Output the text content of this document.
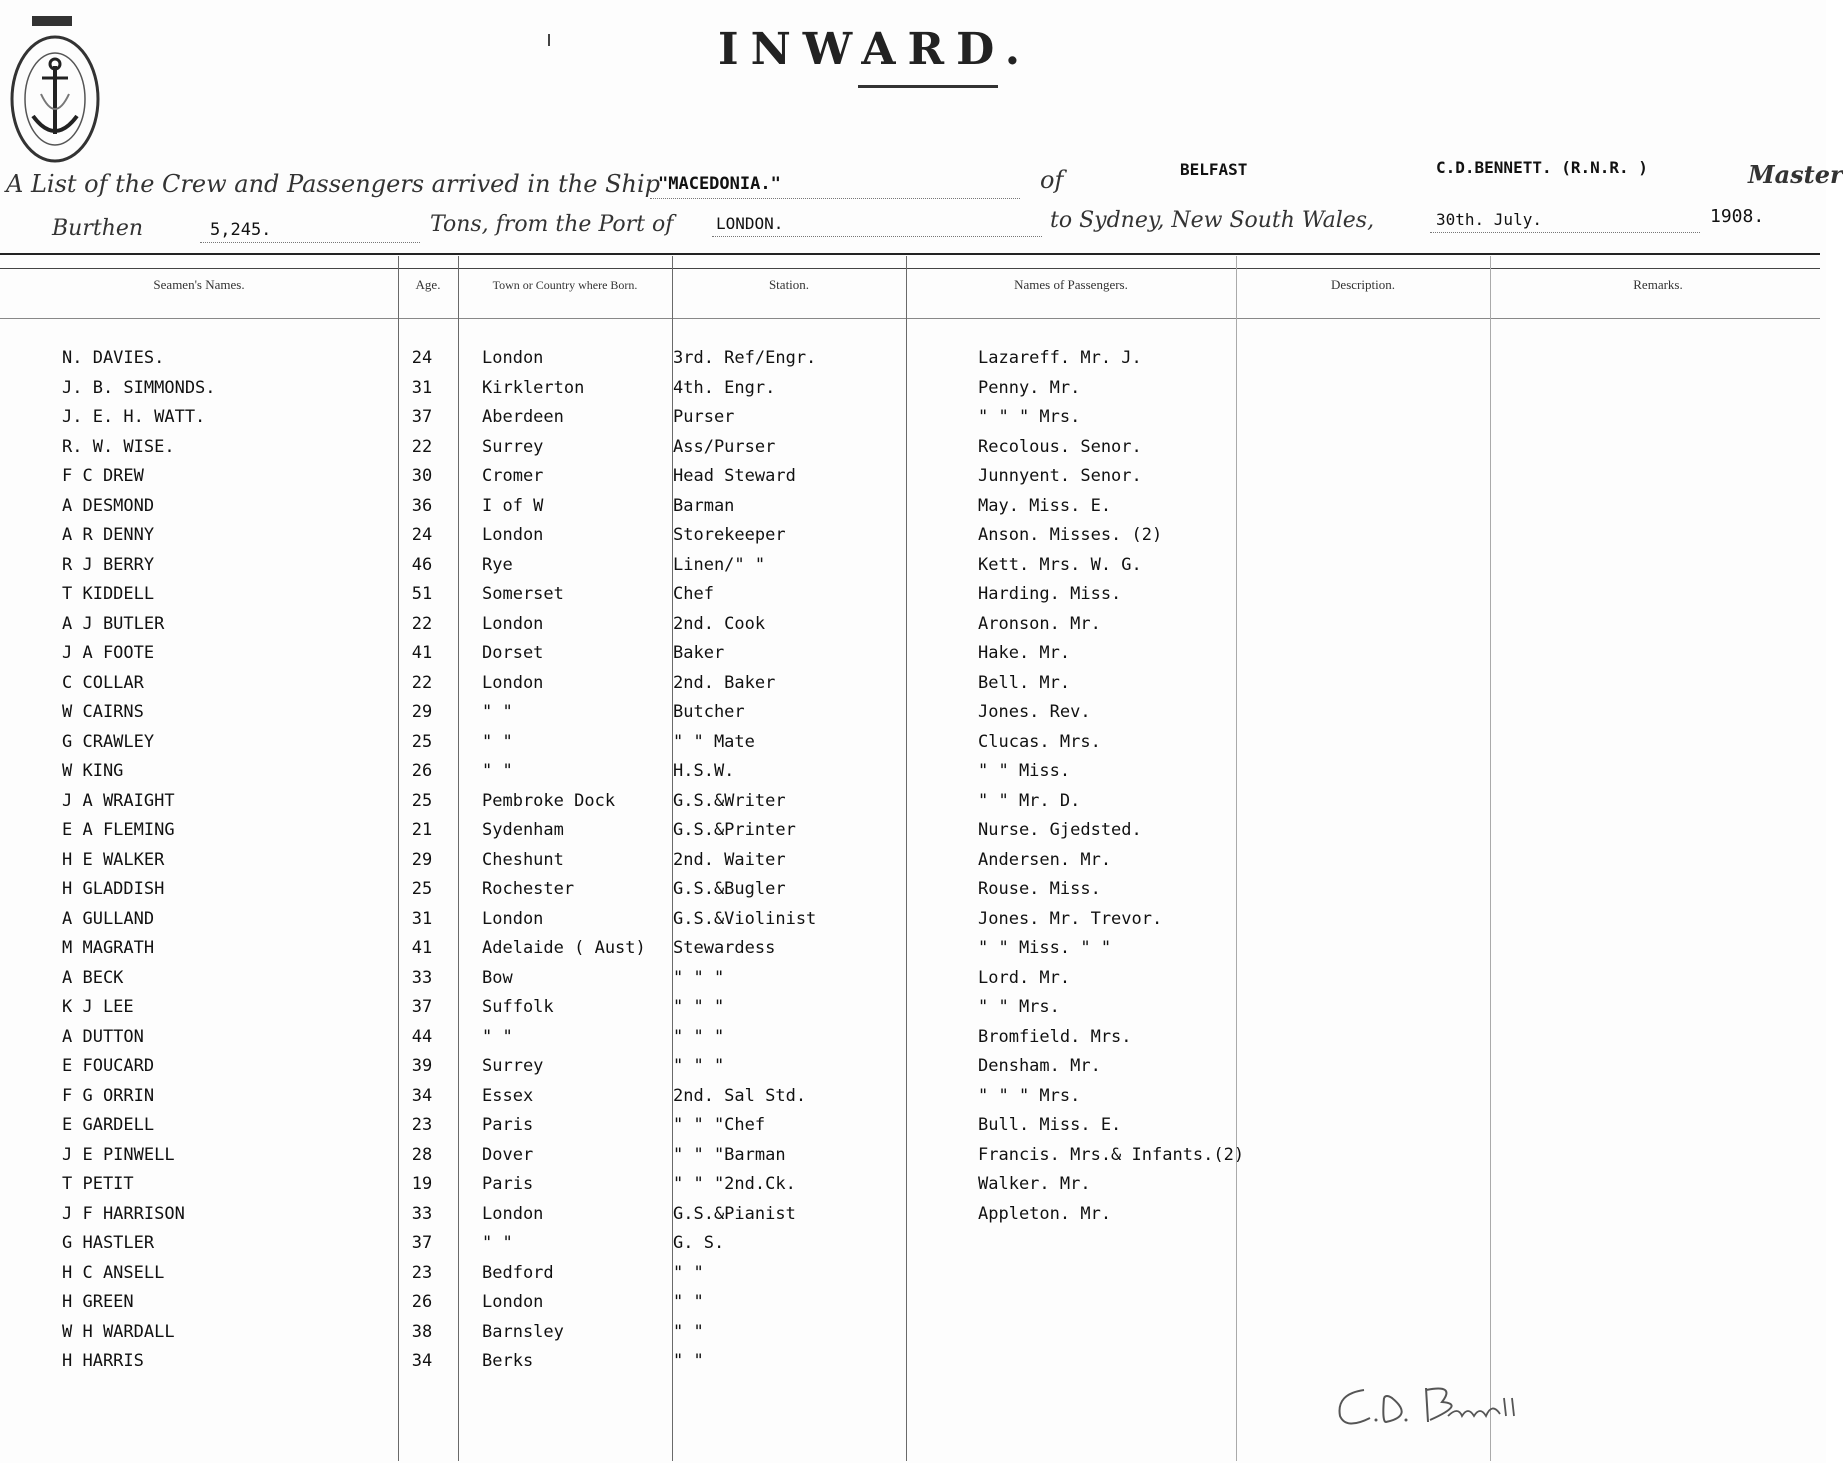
INWARD.
A List of the Crew and Passengers arrived in the Ship
"MACEDONIA."	of	BELFAST	C.D.BENNETT. (R.N.R. )	Master
Burthen	5,245.	Tons, from the Port of	LONDON.	to Sydney, New South Wales,	30th. July.	1908.
Seamen's Names.	Age.	Town or Country where Born.	Station.	Names of Passengers.	Description.	Remarks.
N. DAVIES.	24	London	3rd. Ref/Engr.	Lazareff. Mr. J.
J. B. SIMMONDS.	31	Kirklerton	4th. Engr.	Penny. Mr.
J. E. H. WATT.	37	Aberdeen	Purser	" " " Mrs.
R. W. WISE.	22	Surrey	Ass/Purser	Recolous. Senor.
F C DREW	30	Cromer	Head Steward	Junnyent. Senor.
A DESMOND	36	I of W	Barman	May. Miss. E.
A R DENNY	24	London	Storekeeper	Anson. Misses. (2)
R J BERRY	46	Rye	Linen/" "	Kett. Mrs. W. G.
T KIDDELL	51	Somerset	Chef	Harding. Miss.
A J BUTLER	22	London	2nd. Cook	Aronson. Mr.
J A FOOTE	41	Dorset	Baker	Hake. Mr.
C COLLAR	22	London	2nd. Baker	Bell. Mr.
W CAIRNS	29	" "	Butcher	Jones. Rev.
G CRAWLEY	25	" "	" " Mate	Clucas. Mrs.
W KING	26	" "	H.S.W.	" " Miss.
J A WRAIGHT	25	Pembroke Dock	G.S.&Writer	" " Mr. D.
E A FLEMING	21	Sydenham	G.S.&Printer	Nurse. Gjedsted.
H E WALKER	29	Cheshunt	2nd. Waiter	Andersen. Mr.
H GLADDISH	25	Rochester	G.S.&Bugler	Rouse. Miss.
A GULLAND	31	London	G.S.&Violinist	Jones. Mr. Trevor.
M MAGRATH	41	Adelaide ( Aust)	Stewardess	" " Miss. " "
A BECK	33	Bow	" " "	Lord. Mr.
K J LEE	37	Suffolk	" " "	" " Mrs.
A DUTTON	44	" "	" " "	Bromfield. Mrs.
E FOUCARD	39	Surrey	" " "	Densham. Mr.
F G ORRIN	34	Essex	2nd. Sal Std.	" " " Mrs.
E GARDELL	23	Paris	" " "Chef	Bull. Miss. E.
J E PINWELL	28	Dover	" " "Barman	Francis. Mrs.& Infants.(2)
T PETIT	19	Paris	" " "2nd.Ck.	Walker. Mr.
J F HARRISON	33	London	G.S.&Pianist	Appleton. Mr.
G HASTLER	37	" "	G. S.
H C ANSELL	23	Bedford	" "
H GREEN	26	London	" "
W H WARDALL	38	Barnsley	" "
H HARRIS	34	Berks	" "
